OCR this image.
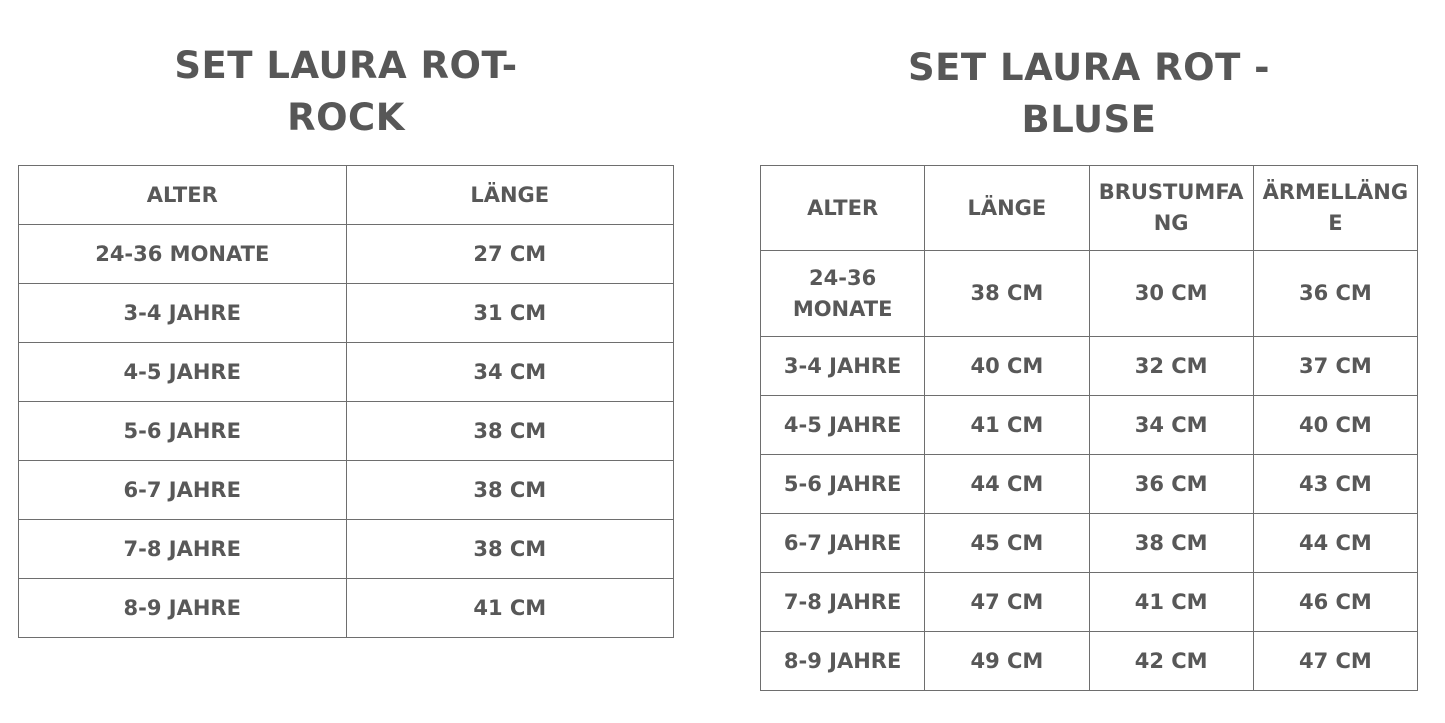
SET LAURA ROT-
ROCK
SET LAURA ROT -
BLUSE
ALTER	LÄNGE
24-36 MONATE	27 CM
3-4 JAHRE	31 CM
4-5 JAHRE	34 CM
5-6 JAHRE	38 CM
6-7 JAHRE	38 CM
7-8 JAHRE	38 CM
8-9 JAHRE	41 CM
ALTER	LÄNGE	BRUSTUMFANG	ÄRMELLÄNGE
24-36 MONATE	38 CM	30 CM	36 CM
3-4 JAHRE	40 CM	32 CM	37 CM
4-5 JAHRE	41 CM	34 CM	40 CM
5-6 JAHRE	44 CM	36 CM	43 CM
6-7 JAHRE	45 CM	38 CM	44 CM
7-8 JAHRE	47 CM	41 CM	46 CM
8-9 JAHRE	49 CM	42 CM	47 CM
